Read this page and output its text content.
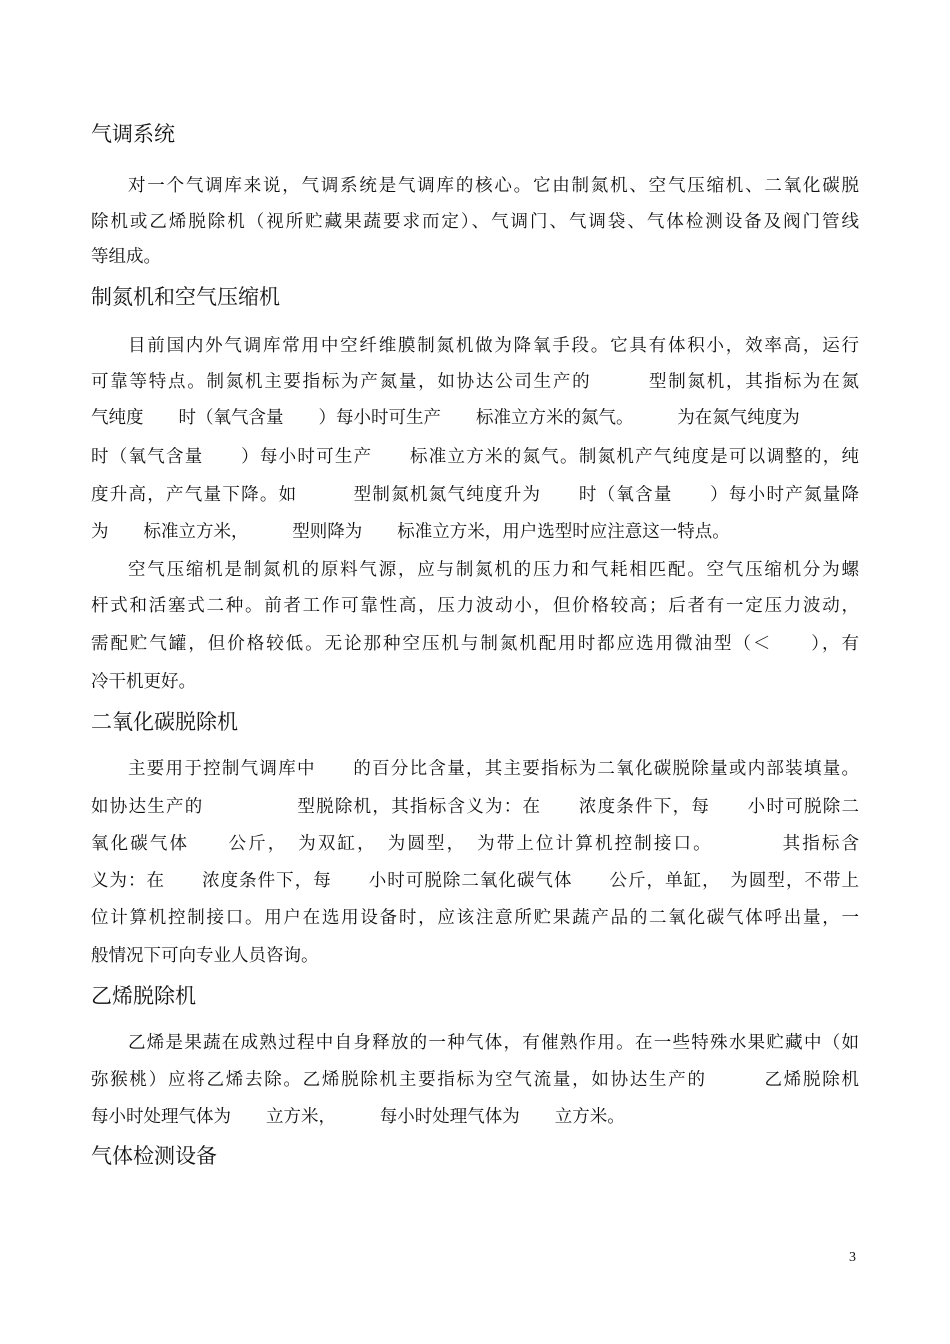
气调系统
对一个气调库来说，气调系统是气调库的核心。它由制氮机、空气压缩机、二氧化碳脱
除机或乙烯脱除机（视所贮藏果蔬要求而定）、气调门、气调袋、气体检测设备及阀门管线
等组成。
制氮机和空气压缩机
目前国内外气调库常用中空纤维膜制氮机做为降氧手段。它具有体积小，效率高，运行
可靠等特点。制氮机主要指标为产氮量，如协达公司生产的　　　型制氮机，其指标为在氮
气纯度　　时（氧气含量　　）每小时可生产　　标准立方米的氮气。　　　为在氮气纯度为
时（氧气含量　　）每小时可生产　　标准立方米的氮气。制氮机产气纯度是可以调整的，纯
度升高，产气量下降。如　　　型制氮机氮气纯度升为　　时（氧含量　　）每小时产氮量降
为　　标准立方米，　　　型则降为　　标准立方米，用户选型时应注意这一特点。
空气压缩机是制氮机的原料气源，应与制氮机的压力和气耗相匹配。空气压缩机分为螺
杆式和活塞式二种。前者工作可靠性高，压力波动小，但价格较高；后者有一定压力波动，
需配贮气罐，但价格较低。无论那种空压机与制氮机配用时都应选用微油型（＜　　），有
冷干机更好。
二氧化碳脱除机
主要用于控制气调库中　　的百分比含量，其主要指标为二氧化碳脱除量或内部装填量。
如协达生产的　　　　　型脱除机，其指标含义为：在　　浓度条件下，每　　小时可脱除二
氧化碳气体　　公斤，　为双缸，　为圆型，　为带上位计算机控制接口。　　　　其指标含
义为：在　　浓度条件下，每　　小时可脱除二氧化碳气体　　公斤，单缸，　为圆型，不带上
位计算机控制接口。用户在选用设备时，应该注意所贮果蔬产品的二氧化碳气体呼出量，一
般情况下可向专业人员咨询。
乙烯脱除机
乙烯是果蔬在成熟过程中自身释放的一种气体，有催熟作用。在一些特殊水果贮藏中（如
弥猴桃）应将乙烯去除。乙烯脱除机主要指标为空气流量，如协达生产的　　　乙烯脱除机
每小时处理气体为　　立方米，　　　每小时处理气体为　　立方米。
气体检测设备
3
